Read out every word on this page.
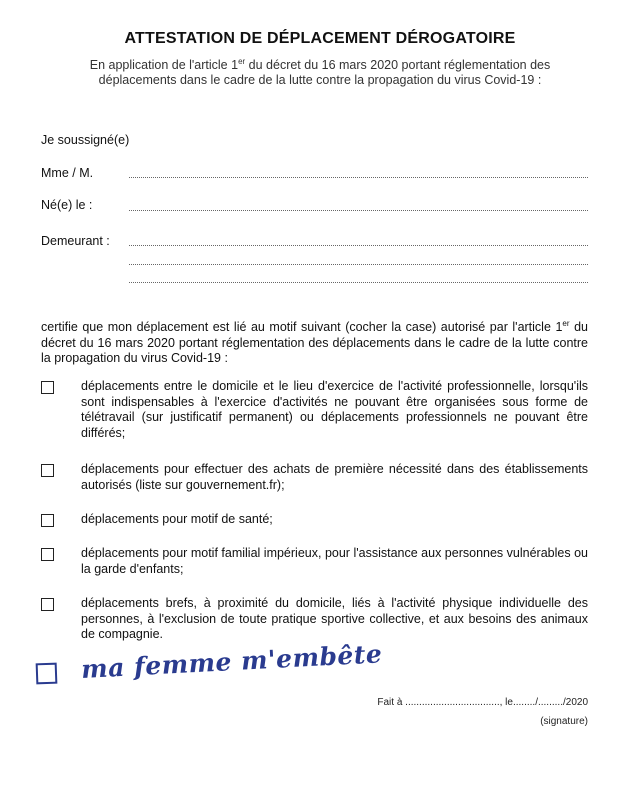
ATTESTATION DE DÉPLACEMENT DÉROGATOIRE
En application de l'article 1er du décret du 16 mars 2020 portant réglementation des déplacements dans le cadre de la lutte contre la propagation du virus Covid-19 :
Je soussigné(e)
Mme / M.
Né(e) le :
Demeurant :
certifie que mon déplacement est lié au motif suivant (cocher la case) autorisé par l'article 1er du décret du 16 mars 2020 portant réglementation des déplacements dans le cadre de la lutte contre la propagation du virus Covid-19 :
déplacements entre le domicile et le lieu d'exercice de l'activité professionnelle, lorsqu'ils sont indispensables à l'exercice d'activités ne pouvant être organisées sous forme de télétravail (sur justificatif permanent) ou déplacements professionnels ne pouvant être différés;
déplacements pour effectuer des achats de première nécessité dans des établissements autorisés (liste sur gouvernement.fr);
déplacements pour motif de santé;
déplacements pour motif familial impérieux, pour l'assistance aux personnes vulnérables ou la garde d'enfants;
déplacements brefs, à proximité du domicile, liés à l'activité physique individuelle des personnes, à l'exclusion de toute pratique sportive collective, et aux besoins des animaux de compagnie.
ma femme m'embête
Fait à .................................., le......../........./2020
(signature)
